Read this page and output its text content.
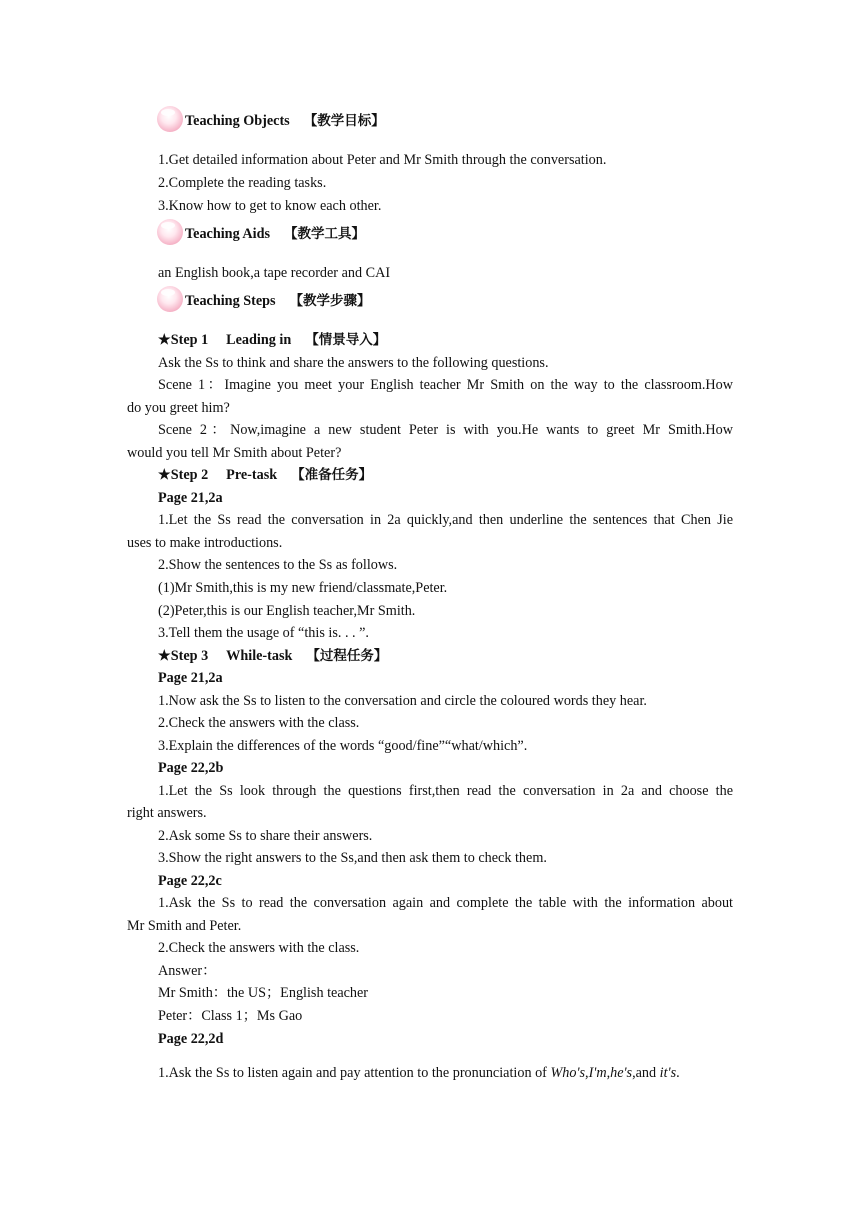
Teaching Objects 【教学目标】
1.Get detailed information about Peter and Mr Smith through the conversation.
2.Complete the reading tasks.
3.Know how to get to know each other.
Teaching Aids 【教学工具】
an English book,a tape recorder and CAI
Teaching Steps 【教学步骤】
★Step 1 Leading in 【情景导入】
Ask the Ss to think and share the answers to the following questions.
Scene 1：Imagine you meet your English teacher Mr Smith on the way to the classroom.How
do you greet him?
Scene 2：Now,imagine a new student Peter is with you.He wants to greet Mr Smith.How
would you tell Mr Smith about Peter?
★Step 2 Pre-task 【准备任务】
Page 21,2a
1.Let the Ss read the conversation in 2a quickly,and then underline the sentences that Chen Jie
uses to make introductions.
2.Show the sentences to the Ss as follows.
(1)Mr Smith,this is my new friend/classmate,Peter.
(2)Peter,this is our English teacher,Mr Smith.
3.Tell them the usage of “this is. . . ”.
★Step 3 While-task 【过程任务】
Page 21,2a
1.Now ask the Ss to listen to the conversation and circle the coloured words they hear.
2.Check the answers with the class.
3.Explain the differences of the words “good/fine”“what/which”.
Page 22,2b
1.Let the Ss look through the questions first,then read the conversation in 2a and choose the
right answers.
2.Ask some Ss to share their answers.
3.Show the right answers to the Ss,and then ask them to check them.
Page 22,2c
1.Ask the Ss to read the conversation again and complete the table with the information about
Mr Smith and Peter.
2.Check the answers with the class.
Answer：
Mr Smith：the US；English teacher
Peter：Class 1；Ms Gao
Page 22,2d
1.Ask the Ss to listen again and pay attention to the pronunciation of Who's,I'm,he's,and it's.
